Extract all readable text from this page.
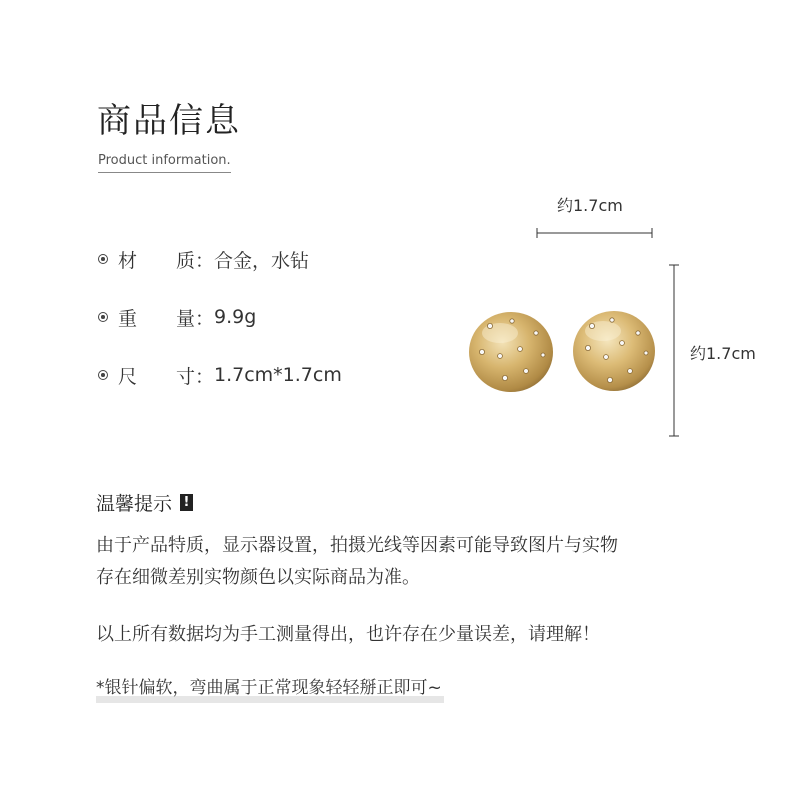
商品信息
Product information.
材 质： 合金，水钻
重 量： 9.9g
尺 寸： 1.7cm*1.7cm
约1.7cm
约1.7cm
温馨提示 !
由于产品特质，显示器设置，拍摄光线等因素可能导致图片与实物
存在细微差别实物颜色以实际商品为准。
以上所有数据均为手工测量得出，也许存在少量误差，请理解！
*银针偏软，弯曲属于正常现象轻轻掰正即可~
